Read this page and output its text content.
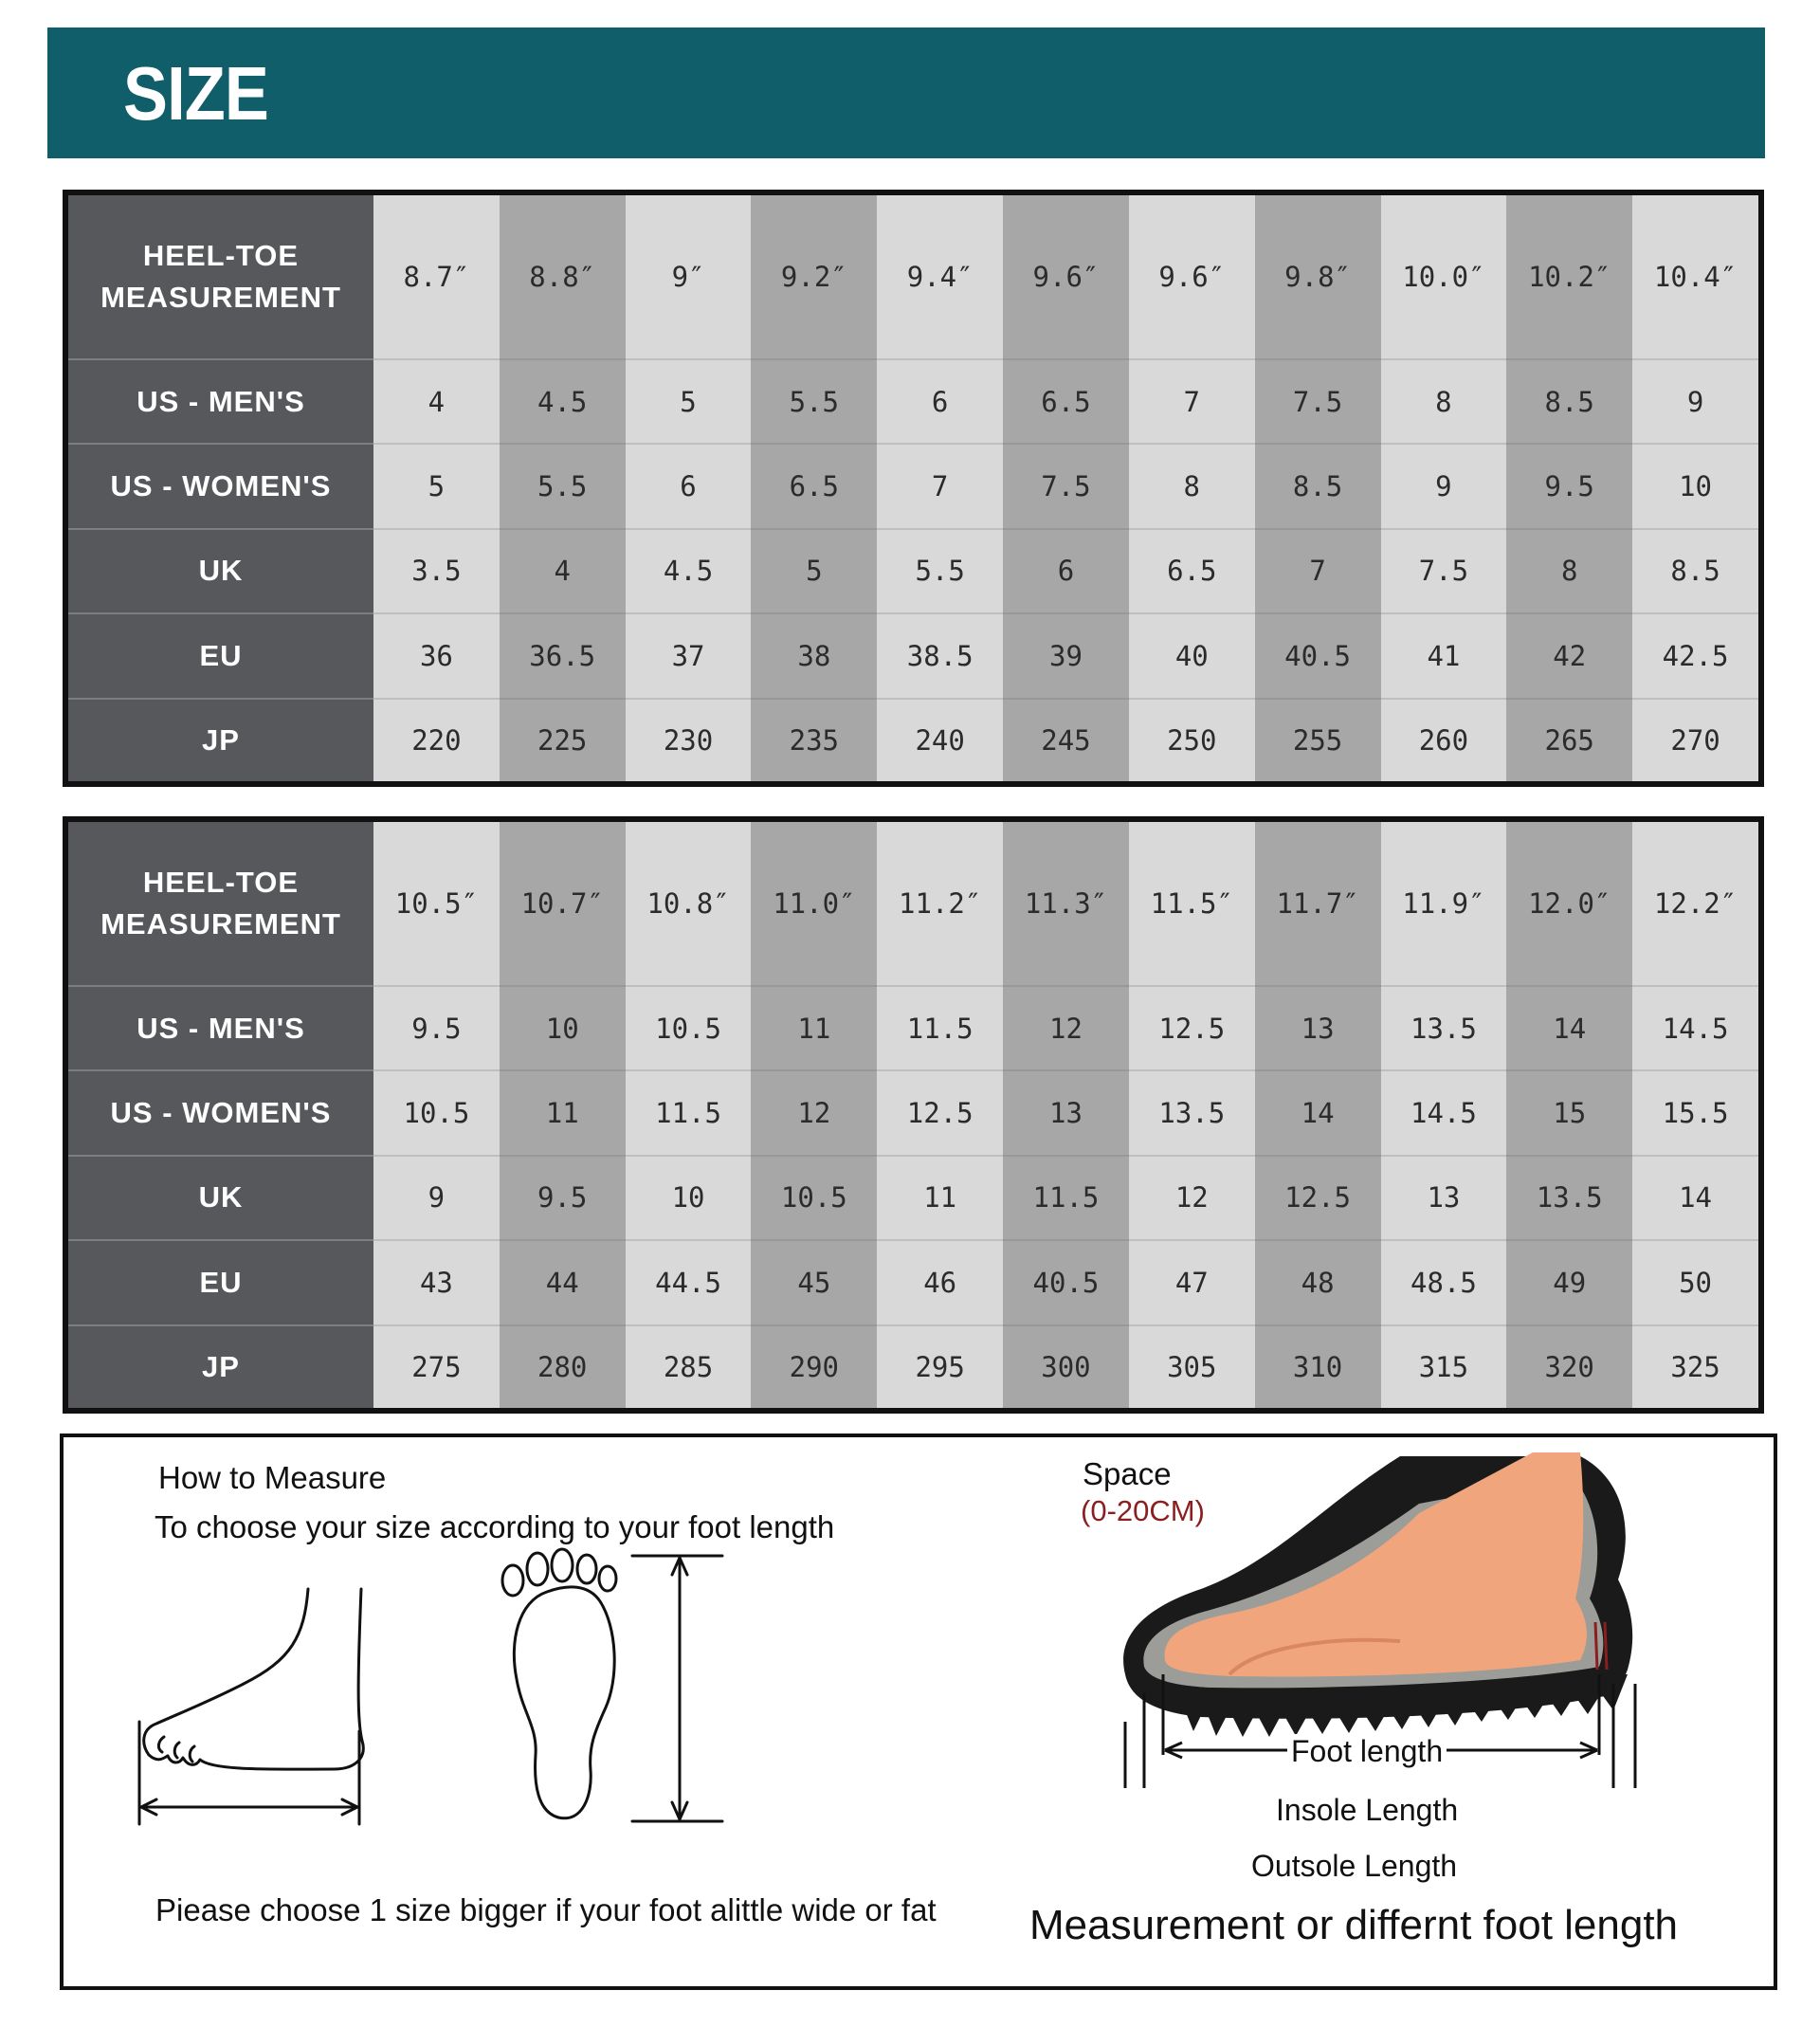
SIZE
HEEL-TOE
MEASUREMENT	8.7″	8.8″	9″	9.2″	9.4″	9.6″	9.6″	9.8″	10.0″	10.2″	10.4″

US - MEN'S	4	4.5	5	5.5	6	6.5	7	7.5	8	8.5	9

US - WOMEN'S	5	5.5	6	6.5	7	7.5	8	8.5	9	9.5	10

UK	3.5	4	4.5	5	5.5	6	6.5	7	7.5	8	8.5

EU	36	36.5	37	38	38.5	39	40	40.5	41	42	42.5

JP	220	225	230	235	240	245	250	255	260	265	270
HEEL-TOE
MEASUREMENT	10.5″	10.7″	10.8″	11.0″	11.2″	11.3″	11.5″	11.7″	11.9″	12.0″	12.2″

US - MEN'S	9.5	10	10.5	11	11.5	12	12.5	13	13.5	14	14.5

US - WOMEN'S	10.5	11	11.5	12	12.5	13	13.5	14	14.5	15	15.5

UK	9	9.5	10	10.5	11	11.5	12	12.5	13	13.5	14

EU	43	44	44.5	45	46	40.5	47	48	48.5	49	50

JP	275	280	285	290	295	300	305	310	315	320	325
How to Measure
To choose your size according to your foot length
Piease choose 1 size bigger if your foot alittle wide or fat
Space
(0-20CM)
Foot length
Insole Length
Outsole Length
Measurement or differnt foot length
